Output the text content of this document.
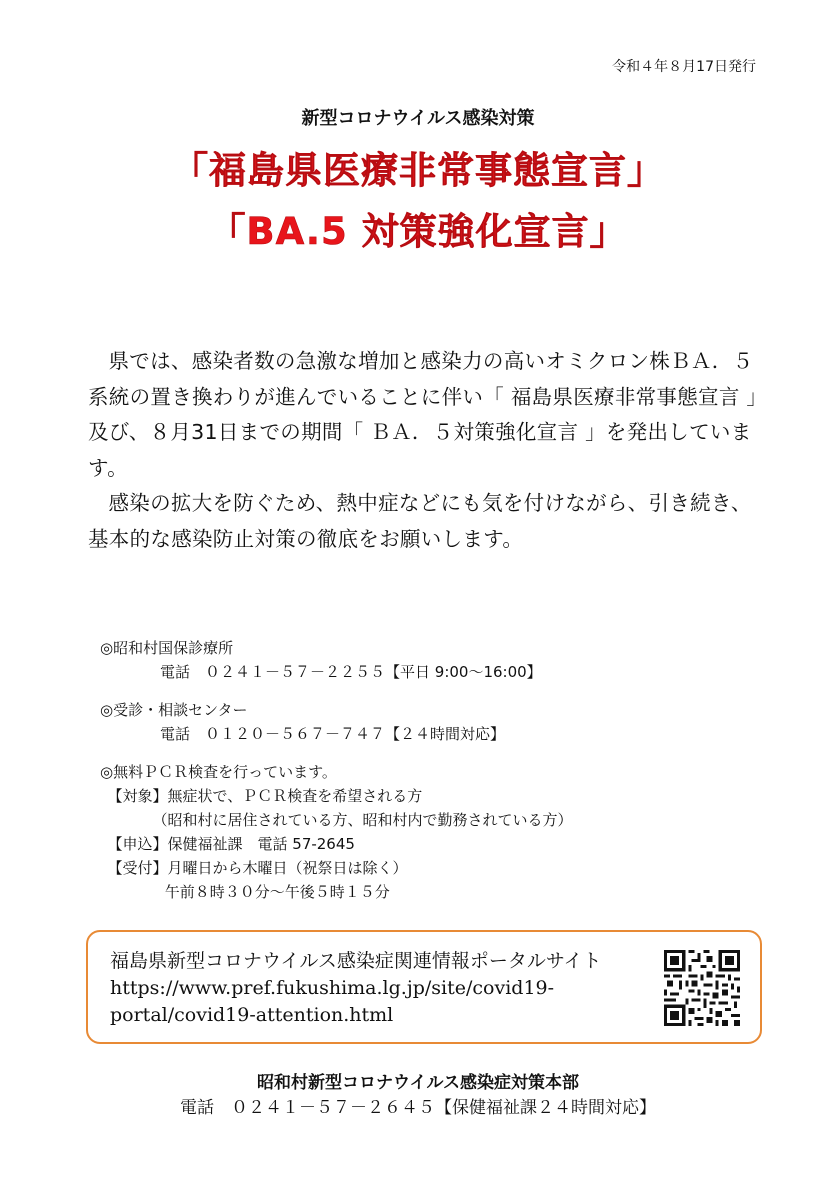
令和４年８月17日発行
新型コロナウイルス感染対策
「福島県医療非常事態宣言」
「BA.5 対策強化宣言」

県では、感染者数の急激な増加と感染力の高いオミクロン株ＢＡ．５系統の置き換わりが進んでいることに伴い「 福島県医療非常事態宣言 」及び、８月31日までの期間「 ＢＡ．５対策強化宣言 」を発出しています。

感染の拡大を防ぐため、熱中症などにも気を付けながら、引き続き、基本的な感染防止対策の徹底をお願いします。

◎昭和村国保診療所
　　　　電話　０２４１－５７－２２５５【平日 9:00～16:00】
◎受診・相談センター
　　　　電話　０１２０－５６７－７４７【２４時間対応】
◎無料ＰＣＲ検査を行っています。
　【対象】無症状で、ＰＣＲ検査を希望される方
　　　　（昭和村に居住されている方、昭和村内で勤務されている方）
　【申込】保健福祉課　電話 57-2645
　【受付】月曜日から木曜日（祝祭日は除く）
　　　　 午前８時３０分～午後５時１５分
福島県新型コロナウイルス感染症関連情報ポータルサイト
https://www.pref.fukushima.lg.jp/site/covid19-
portal/covid19-attention.html
昭和村新型コロナウイルス感染症対策本部
電話　０２４１－５７－２６４５【保健福祉課２４時間対応】
